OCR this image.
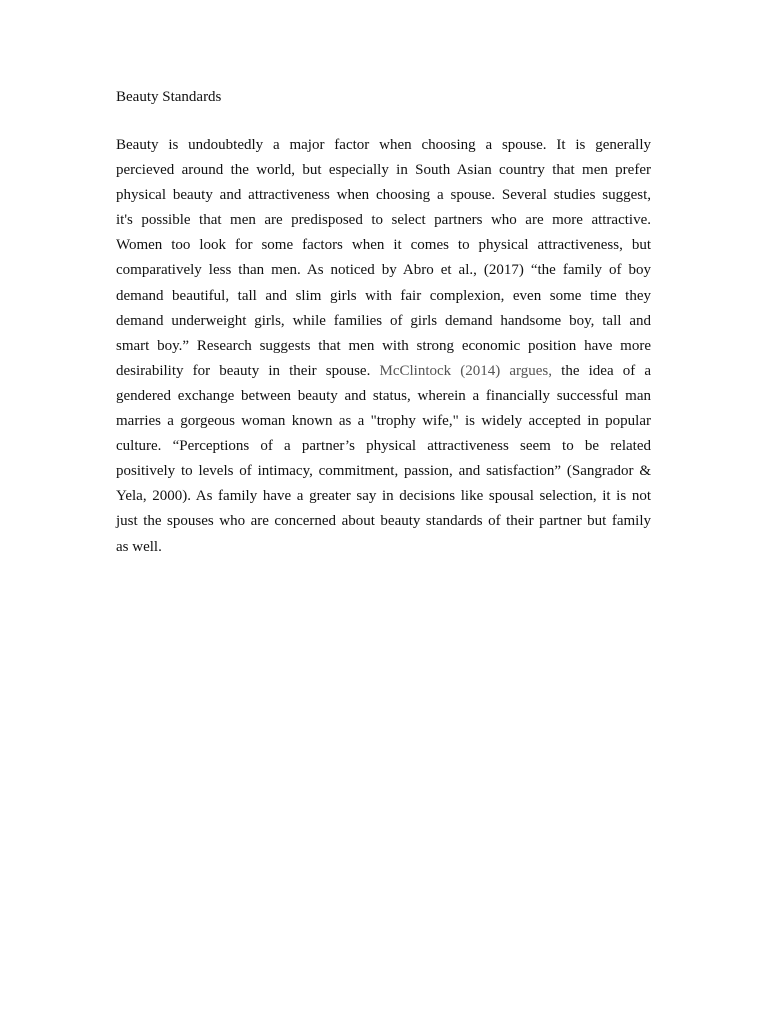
Beauty Standards
Beauty is undoubtedly a major factor when choosing a spouse. It is generally
percieved around the world, but especially in South Asian country that men prefer
physical beauty and attractiveness when choosing a spouse. Several studies suggest,
it's possible that men are predisposed to select partners who are more attractive.
Women too look for some factors when it comes to physical attractiveness, but
comparatively less than men. As noticed by Abro et al., (2017) “the family of boy
demand beautiful, tall and slim girls with fair complexion, even some time they
demand underweight girls, while families of girls demand handsome boy, tall and
smart boy.” Research suggests that men with strong economic position have more
desirability for beauty in their spouse. McClintock (2014) argues, the idea of a
gendered exchange between beauty and status, wherein a financially successful man
marries a gorgeous woman known as a "trophy wife," is widely accepted in popular
culture. “Perceptions of a partner’s physical attractiveness seem to be related
positively to levels of intimacy, commitment, passion, and satisfaction” (Sangrador &
Yela, 2000). As family have a greater say in decisions like spousal selection, it is not
just the spouses who are concerned about beauty standards of their partner but family
as well.
